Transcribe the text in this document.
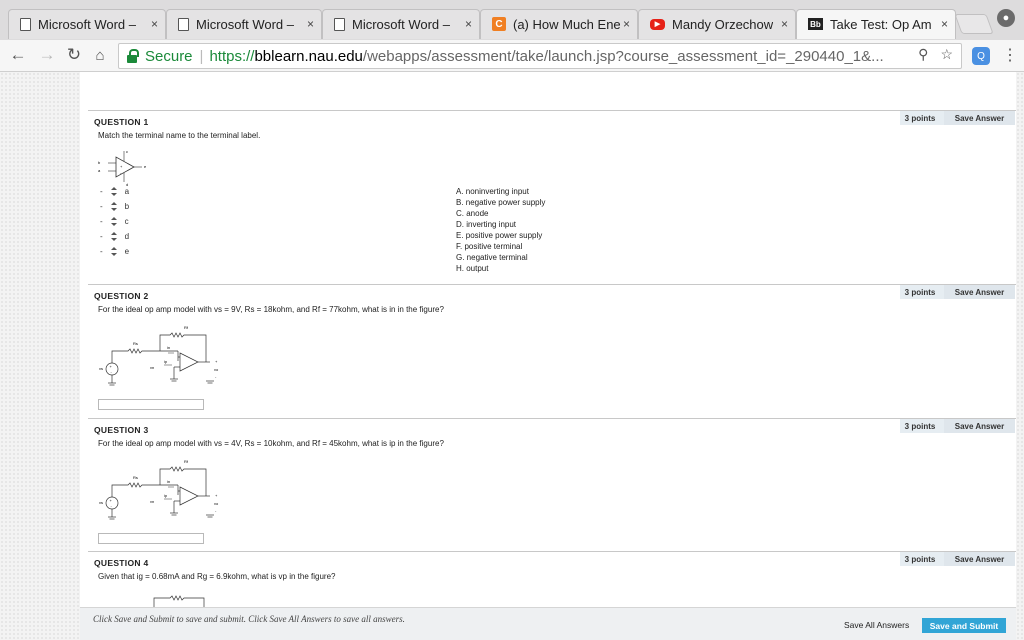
Microsoft Word – ×	Microsoft Word – ×	Microsoft Word – ×	C (a) How Much Ene ×	▶ Mandy Orzechow ×	Bb Take Test: Op Am ×	●
← → ↻ ⌂	Secure | https:// bblearn.nau.edu /webapps/assessment/take/launch.jsp?course_assessment_id=_290440_1&... ⚲ ☆	Q	⋮
QUESTION 1
Match the terminal name to the terminal label.
3 points	Save Answer
+
-
b
a
e
c
d
-	a
-	b
-	c
-	d
-	e
A. noninverting input
B. negative power supply
C. anode
D. inverting input
E. positive power supply
F. positive terminal
G. negative terminal
H. output
QUESTION 2
For the ideal op amp model with vs = 9V, Rs = 18kohm, and Rf = 77kohm, what is in in the figure?
3 points	Save Answer
+
-
Rf
Rs
in
ip
vs	vn	vo
+
-
QUESTION 3
For the ideal op amp model with vs = 4V, Rs = 10kohm, and Rf = 45kohm, what is ip in the figure?
3 points	Save Answer
+
-
Rf
Rs
in
ip
vs	vn	vo
+
-
QUESTION 4
Given that ig = 0.68mA and Rg = 6.9kohm, what is vp in the figure?
3 points	Save Answer
Click Save and Submit to save and submit. Click Save All Answers to save all answers.
Save All Answers	Save and Submit
